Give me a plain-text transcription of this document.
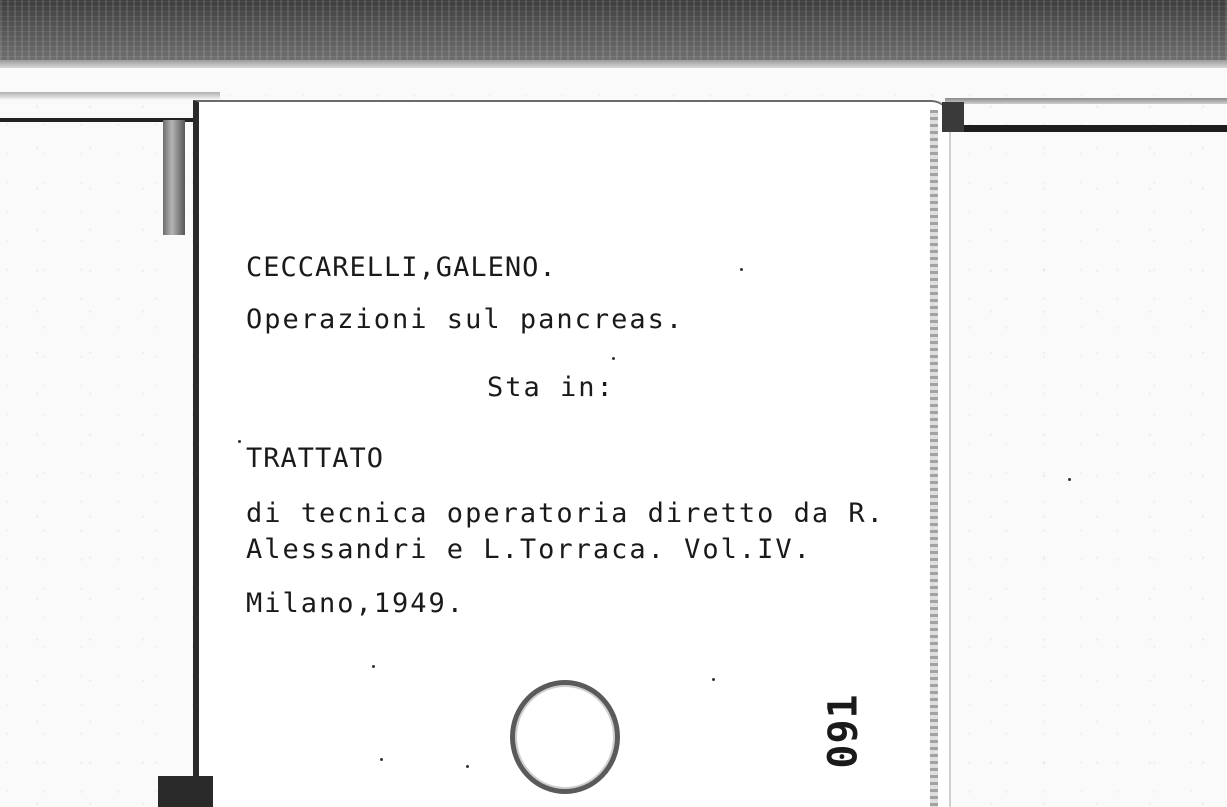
CECCARELLI,GALENO.
Operazioni sul pancreas.
Sta in:
TRATTATO
di tecnica operatoria diretto da R.
Alessandri e L.Torraca. Vol.IV.
Milano,1949.
091
